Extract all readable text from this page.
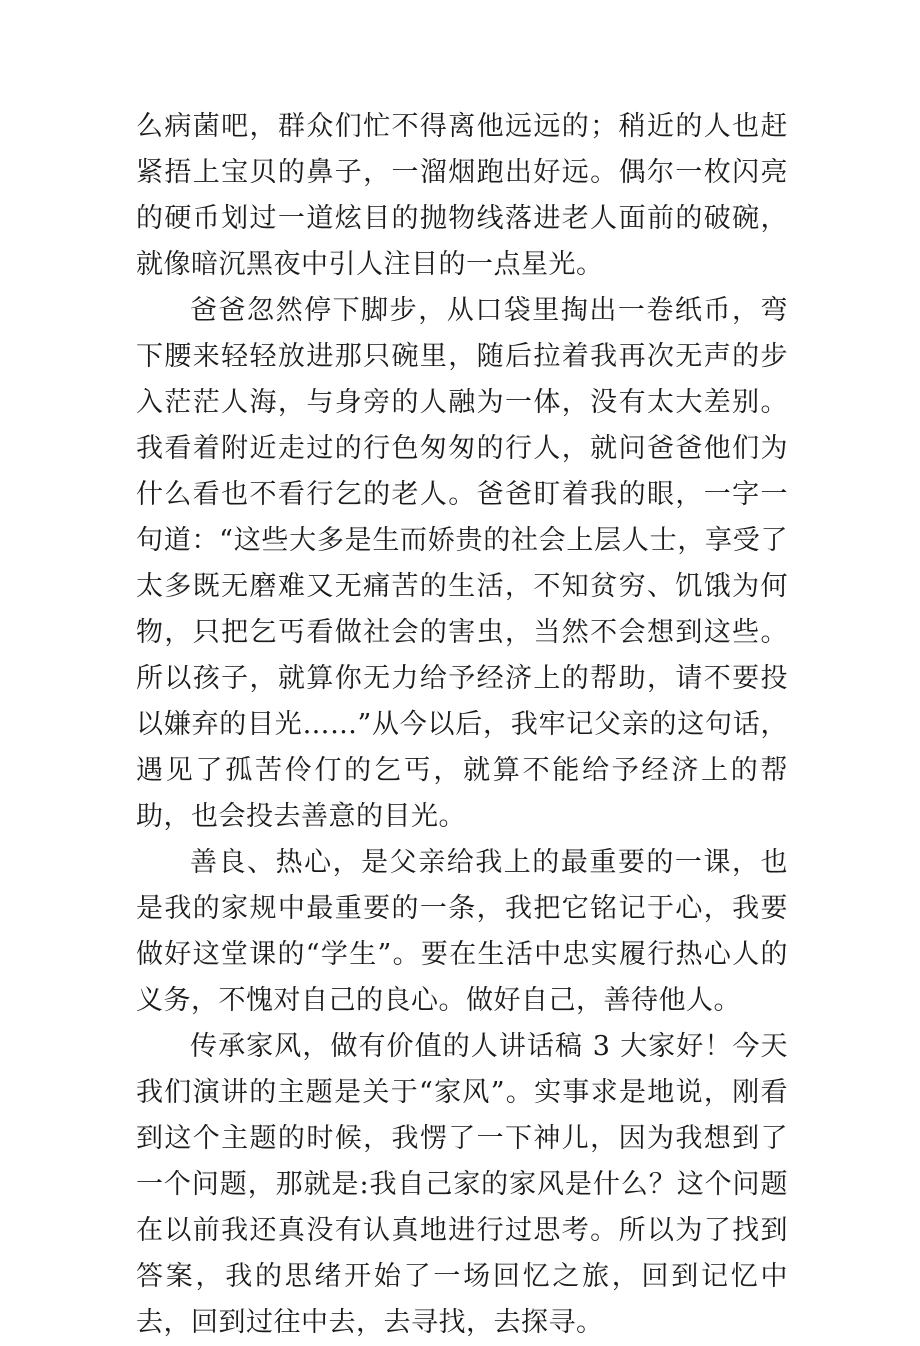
么病菌吧，群众们忙不得离他远远的；稍近的人也赶紧捂上宝贝的鼻子，一溜烟跑出好远。偶尔一枚闪亮的硬币划过一道炫目的抛物线落进老人面前的破碗，就像暗沉黑夜中引人注目的一点星光。

爸爸忽然停下脚步，从口袋里掏出一卷纸币，弯下腰来轻轻放进那只碗里，随后拉着我再次无声的步入茫茫人海，与身旁的人融为一体，没有太大差别。我看着附近走过的行色匆匆的行人，就问爸爸他们为什么看也不看行乞的老人。爸爸盯着我的眼，一字一句道：“这些大多是生而娇贵的社会上层人士，享受了太多既无磨难又无痛苦的生活，不知贫穷、饥饿为何物，只把乞丐看做社会的害虫，当然不会想到这些。所以孩子，就算你无力给予经济上的帮助，请不要投以嫌弃的目光……”从今以后，我牢记父亲的这句话，遇见了孤苦伶仃的乞丐，就算不能给予经济上的帮助，也会投去善意的目光。

善良、热心，是父亲给我上的最重要的一课，也是我的家规中最重要的一条，我把它铭记于心，我要做好这堂课的“学生”。要在生活中忠实履行热心人的义务，不愧对自己的良心。做好自己，善待他人。

传承家风，做有价值的人讲话稿 3 大家好！今天我们演讲的主题是关于“家风”。实事求是地说，刚看到这个主题的时候，我愣了一下神儿，因为我想到了一个问题，那就是:我自己家的家风是什么？这个问题在以前我还真没有认真地进行过思考。所以为了找到答案，我的思绪开始了一场回忆之旅，回到记忆中去，回到过往中去，去寻找，去探寻。
